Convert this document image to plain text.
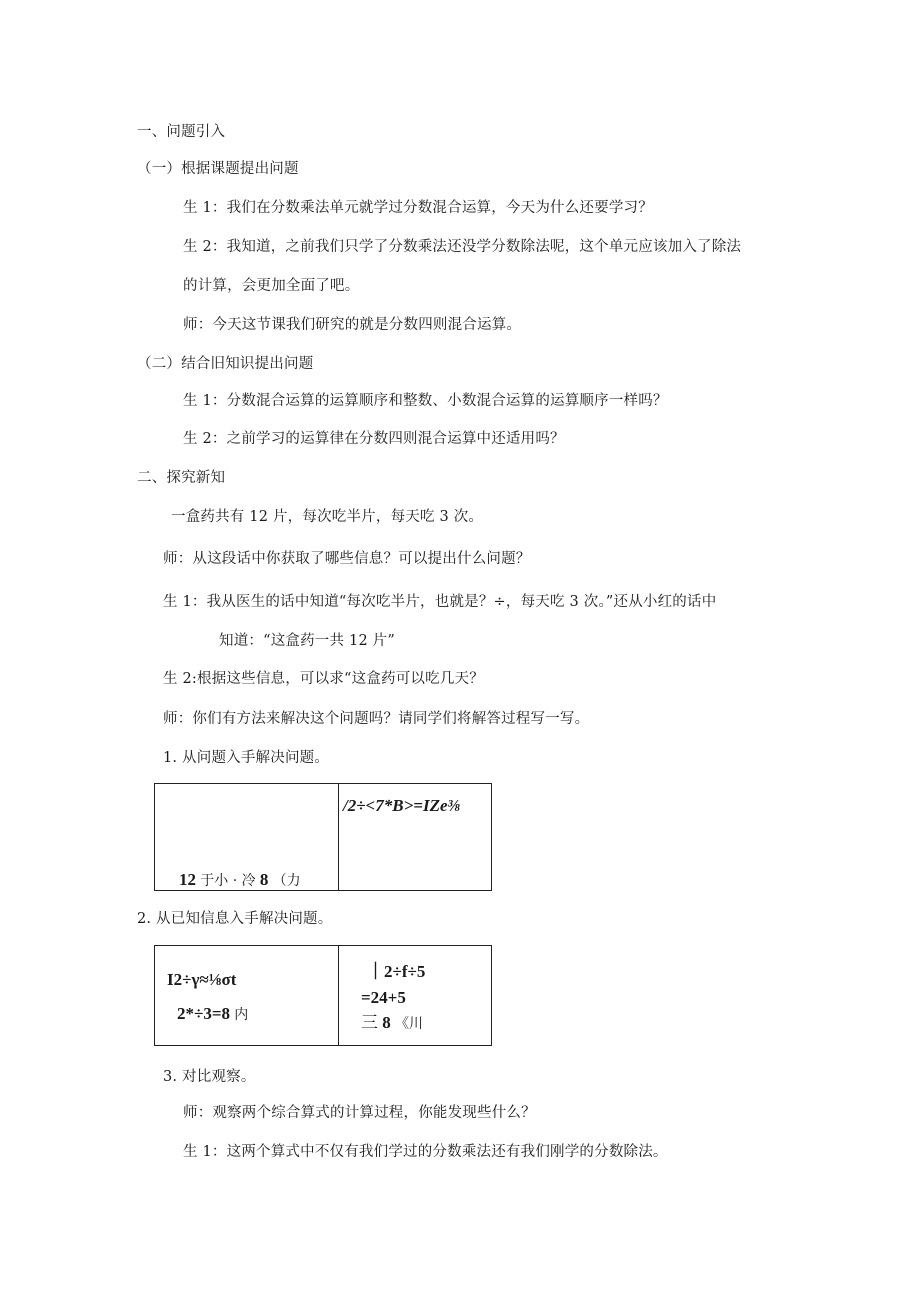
一、问题引入
（一）根据课题提出问题
生 1：我们在分数乘法单元就学过分数混合运算，今天为什么还要学习？
生 2：我知道，之前我们只学了分数乘法还没学分数除法呢，这个单元应该加入了除法
的计算，会更加全面了吧。
师：今天这节课我们研究的就是分数四则混合运算。
（二）结合旧知识提出问题
生 1：分数混合运算的运算顺序和整数、小数混合运算的运算顺序一样吗？
生 2：之前学习的运算律在分数四则混合运算中还适用吗？
二、探究新知
一盒药共有 12 片，每次吃半片，每天吃 3 次。
师：从这段话中你获取了哪些信息？可以提出什么问题？
生 1：我从医生的话中知道“每次吃半片，也就是？÷，每天吃 3 次。”还从小红的话中
知道：“这盒药一共 12 片”
生 2:根据这些信息，可以求“这盒药可以吃几天？
师：你们有方法来解决这个问题吗？请同学们将解答过程写一写。
1. 从问题入手解决问题。
12 于小 · 冷 8 （力

/2÷<7*B>=IZe⅜
2. 从已知信息入手解决问题。
I2÷γ≈⅛σt
2*÷3=8 内

｜2÷f÷5
=24+5
三 8 《川
3. 对比观察。
师：观察两个综合算式的计算过程，你能发现些什么？
生 1：这两个算式中不仅有我们学过的分数乘法还有我们刚学的分数除法。
